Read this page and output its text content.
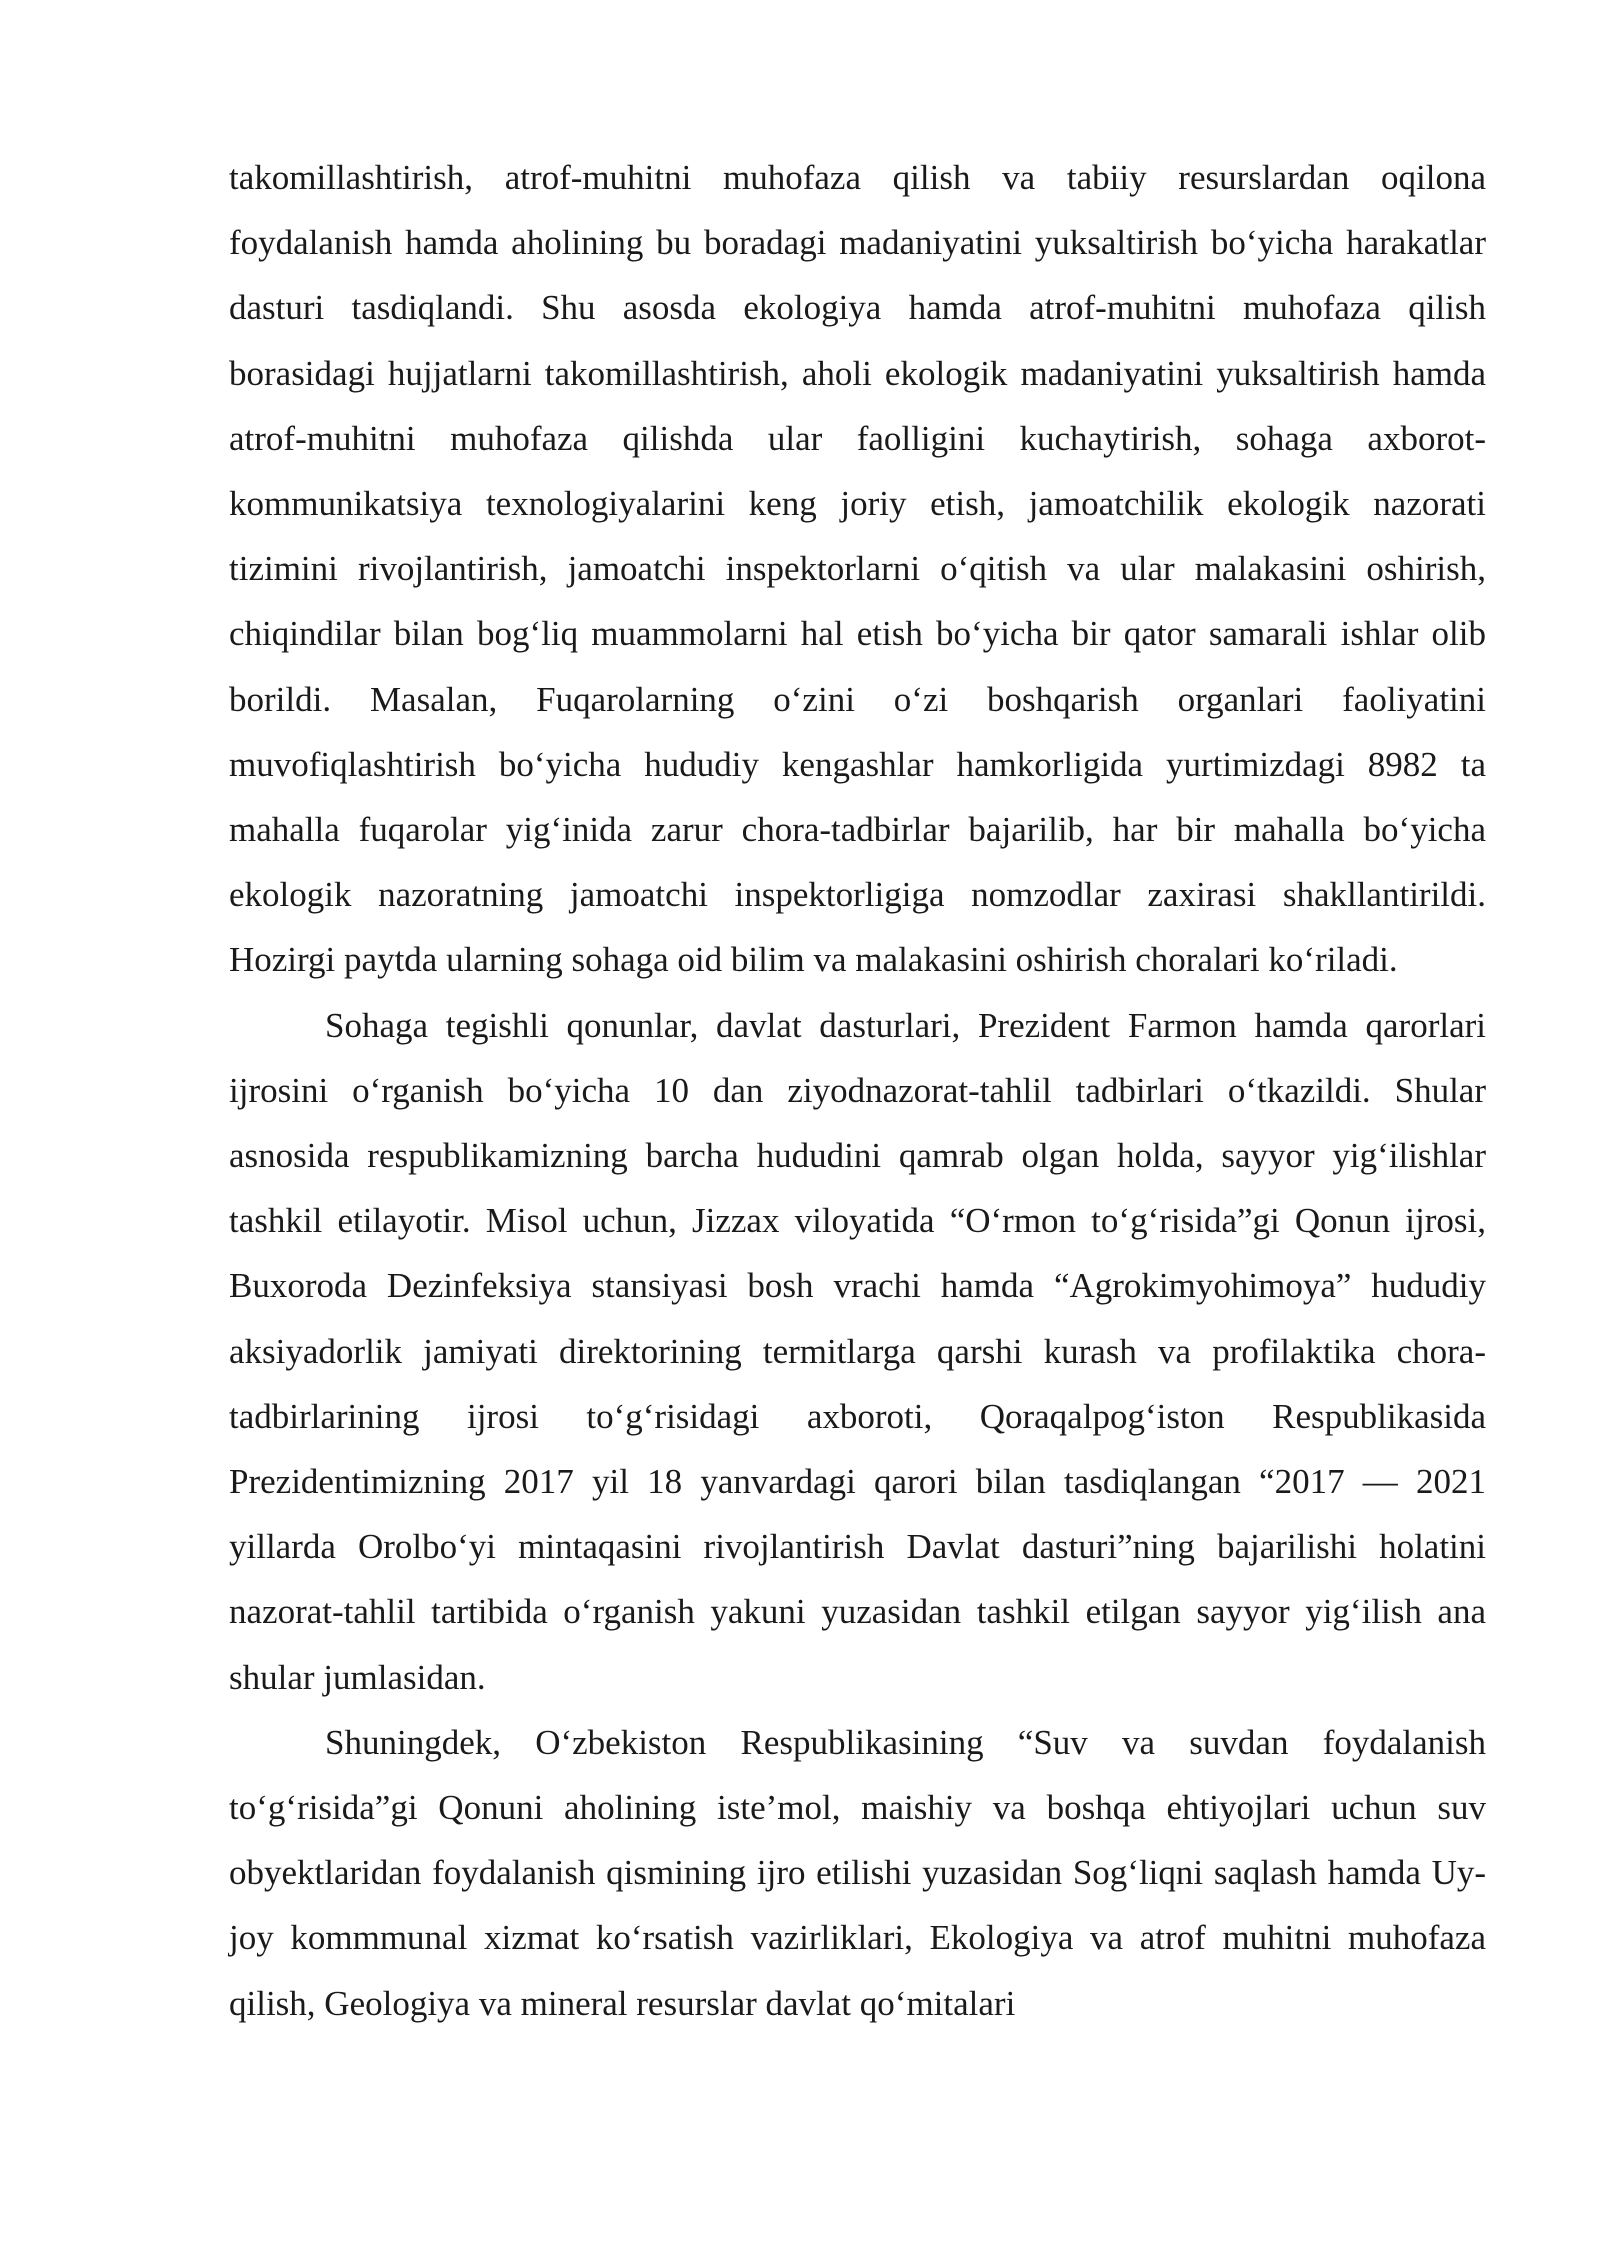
takomillashtirish, atrof-muhitni muhofaza qilish va tabiiy resurslardan oqilona foydalanish hamda aholining bu boradagi madaniyatini yuksaltirish bo‘yicha harakatlar dasturi tasdiqlandi. Shu asosda ekologiya hamda atrof-muhitni muhofaza qilish borasidagi hujjatlarni takomillashtirish, aholi ekologik madaniyatini yuksaltirish hamda atrof-muhitni muhofaza qilishda ular faolligini kuchaytirish, sohaga axborot-kommunikatsiya texnologiyalarini keng joriy etish, jamoatchilik ekologik nazorati tizimini rivojlantirish, jamoatchi inspektorlarni o‘qitish va ular malakasini oshirish, chiqindilar bilan bog‘liq muammolarni hal etish bo‘yicha bir qator samarali ishlar olib borildi. Masalan, Fuqarolarning o‘zini o‘zi boshqarish organlari faoliyatini muvofiqlashtirish bo‘yicha hududiy kengashlar hamkorligida yurtimizdagi 8982 ta mahalla fuqarolar yig‘inida zarur chora-tadbirlar bajarilib, har bir mahalla bo‘yicha ekologik nazoratning jamoatchi inspektorligiga nomzodlar zaxirasi shakllantirildi. Hozirgi paytda ularning sohaga oid bilim va malakasini oshirish choralari ko‘riladi.

Sohaga tegishli qonunlar, davlat dasturlari, Prezident Farmon hamda qarorlari ijrosini o‘rganish bo‘yicha 10 dan ziyodnazorat-tahlil tadbirlari o‘tkazildi. Shular asnosida respublikamizning barcha hududini qamrab olgan holda, sayyor yig‘ilishlar tashkil etilayotir. Misol uchun, Jizzax viloyatida “O‘rmon to‘g‘risida”gi Qonun ijrosi, Buxoroda Dezinfeksiya stansiyasi bosh vrachi hamda “Agrokimyohimoya” hududiy aksiyadorlik jamiyati direktorining termitlarga qarshi kurash va profilaktika chora-tadbirlarining ijrosi to‘g‘risidagi axboroti, Qoraqalpog‘iston Respublikasida Prezidentimizning 2017 yil 18 yanvardagi qarori bilan tasdiqlangan “2017 — 2021 yillarda Orolbo‘yi mintaqasini rivojlantirish Davlat dasturi”ning bajarilishi holatini nazorat-tahlil tartibida o‘rganish yakuni yuzasidan tashkil etilgan sayyor yig‘ilish ana shular jumlasidan.

Shuningdek, O‘zbekiston Respublikasining “Suv va suvdan foydalanish to‘g‘risida”gi Qonuni aholining iste’mol, maishiy va boshqa ehtiyojlari uchun suv obyektlaridan foydalanish qismining ijro etilishi yuzasidan Sog‘liqni saqlash hamda Uy-joy kommmunal xizmat ko‘rsatish vazirliklari, Ekologiya va atrof muhitni muhofaza qilish, Geologiya va mineral resurslar davlat qo‘mitalari
